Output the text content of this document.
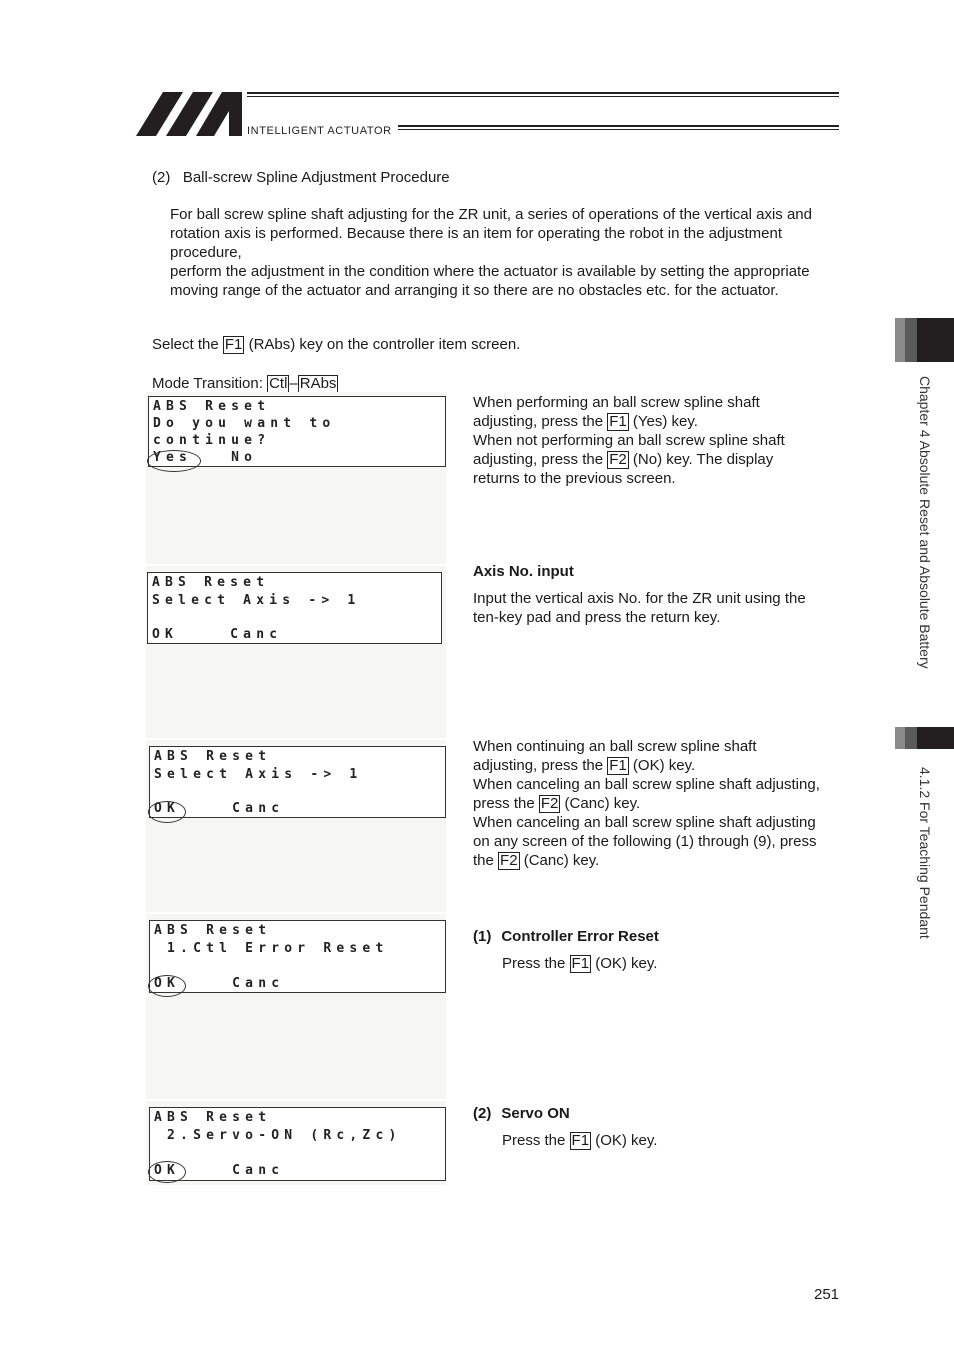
INTELLIGENT ACTUATOR
(2)   Ball-screw Spline Adjustment Procedure
For ball screw spline shaft adjusting for the ZR unit, a series of operations of the vertical axis and rotation axis is performed. Because there is an item for operating the robot in the adjustment procedure,
perform the adjustment in the condition where the actuator is available by setting the appropriate moving range of the actuator and arranging it so there are no obstacles etc. for the actuator.
Select the F1 (RAbs) key on the controller item screen.
Mode Transition: Ctl – RAbs
ABS Reset
Do you want to
continue?
Yes   No
When performing an ball screw spline shaft
adjusting, press the F1 (Yes) key.
When not performing an ball screw spline shaft
adjusting, press the F2 (No) key. The display
returns to the previous screen.
ABS Reset
Select Axis -> 1
OK    Canc
Axis No. input
Input the vertical axis No. for the ZR unit using the
ten-key pad and press the return key.
ABS Reset
Select Axis -> 1
OK    Canc
When continuing an ball screw spline shaft
adjusting, press the F1 (OK) key.
When canceling an ball screw spline shaft adjusting,
press the F2 (Canc) key.
When canceling an ball screw spline shaft adjusting
on any screen of the following (1) through (9), press
the F2 (Canc) key.
ABS Reset
1.Ctl Error Reset
OK    Canc
(1) Controller Error Reset
Press the F1 (OK) key.
ABS Reset
2.Servo-ON (Rc,Zc)
OK    Canc
(2) Servo ON
Press the F1 (OK) key.
Chapter 4 Absolute Reset and Absolute Battery
4.1.2 For Teaching Pendant
251
